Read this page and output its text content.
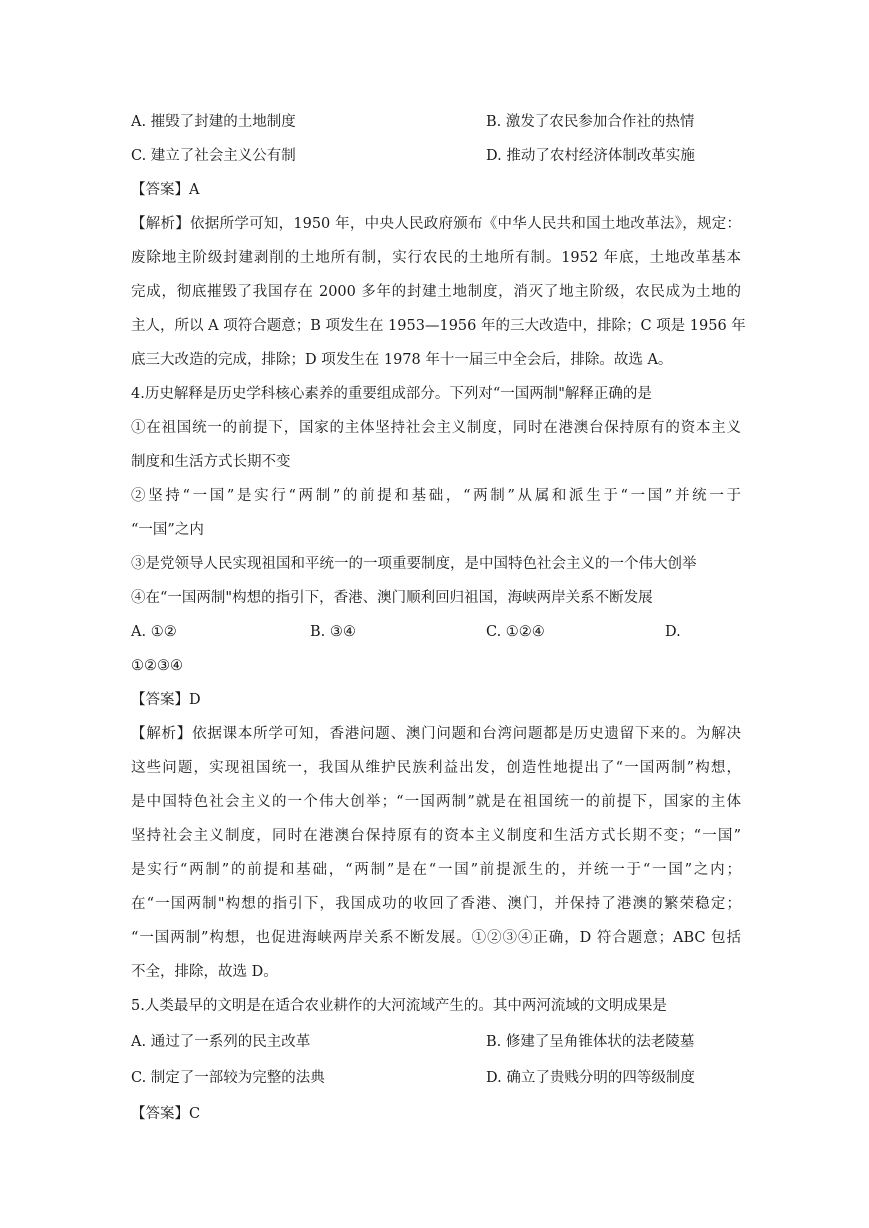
A. 摧毁了封建的土地制度	B. 激发了农民参加合作社的热情
C. 建立了社会主义公有制	D. 推动了农村经济体制改革实施
【答案】A
【解析】依据所学可知，1950 年，中央人民政府颁布《中华人民共和国土地改革法》，规定：
废除地主阶级封建剥削的土地所有制，实行农民的土地所有制。1952 年底，土地改革基本
完成，彻底摧毁了我国存在 2000 多年的封建土地制度，消灭了地主阶级，农民成为土地的
主人，所以 A 项符合题意；B 项发生在 1953—1956 年的三大改造中，排除；C 项是 1956 年
底三大改造的完成，排除；D 项发生在 1978 年十一届三中全会后，排除。故选 A。
4.历史解释是历史学科核心素养的重要组成部分。下列对“一国两制"解释正确的是
①在祖国统一的前提下，国家的主体坚持社会主义制度，同时在港澳台保持原有的资本主义
制度和生活方式长期不变
②坚持“一国”是实行“两制”的前提和基础，“两制”从属和派生于“一国”并统一于
“一国”之内
③是党领导人民实现祖国和平统一的一项重要制度，是中国特色社会主义的一个伟大创举
④在“一国两制"构想的指引下，香港、澳门顺利回归祖国，海峡两岸关系不断发展
A. ①②	B. ③④	C. ①②④	D.
①②③④
【答案】D
【解析】依据课本所学可知，香港问题、澳门问题和台湾问题都是历史遗留下来的。为解决
这些问题，实现祖国统一，我国从维护民族利益出发，创造性地提出了“一国两制”构想，
是中国特色社会主义的一个伟大创举；“一国两制”就是在祖国统一的前提下，国家的主体
坚持社会主义制度，同时在港澳台保持原有的资本主义制度和生活方式长期不变；“一国”
是实行“两制”的前提和基础，“两制”是在“一国”前提派生的，并统一于“一国”之内；
在“一国两制"构想的指引下，我国成功的收回了香港、澳门，并保持了港澳的繁荣稳定；
“一国两制”构想，也促进海峡两岸关系不断发展。①②③④正确，D 符合题意；ABC 包括
不全，排除，故选 D。
5.人类最早的文明是在适合农业耕作的大河流域产生的。其中两河流域的文明成果是
A. 通过了一系列的民主改革	B. 修建了呈角锥体状的法老陵墓
C. 制定了一部较为完整的法典	D. 确立了贵贱分明的四等级制度
【答案】C
